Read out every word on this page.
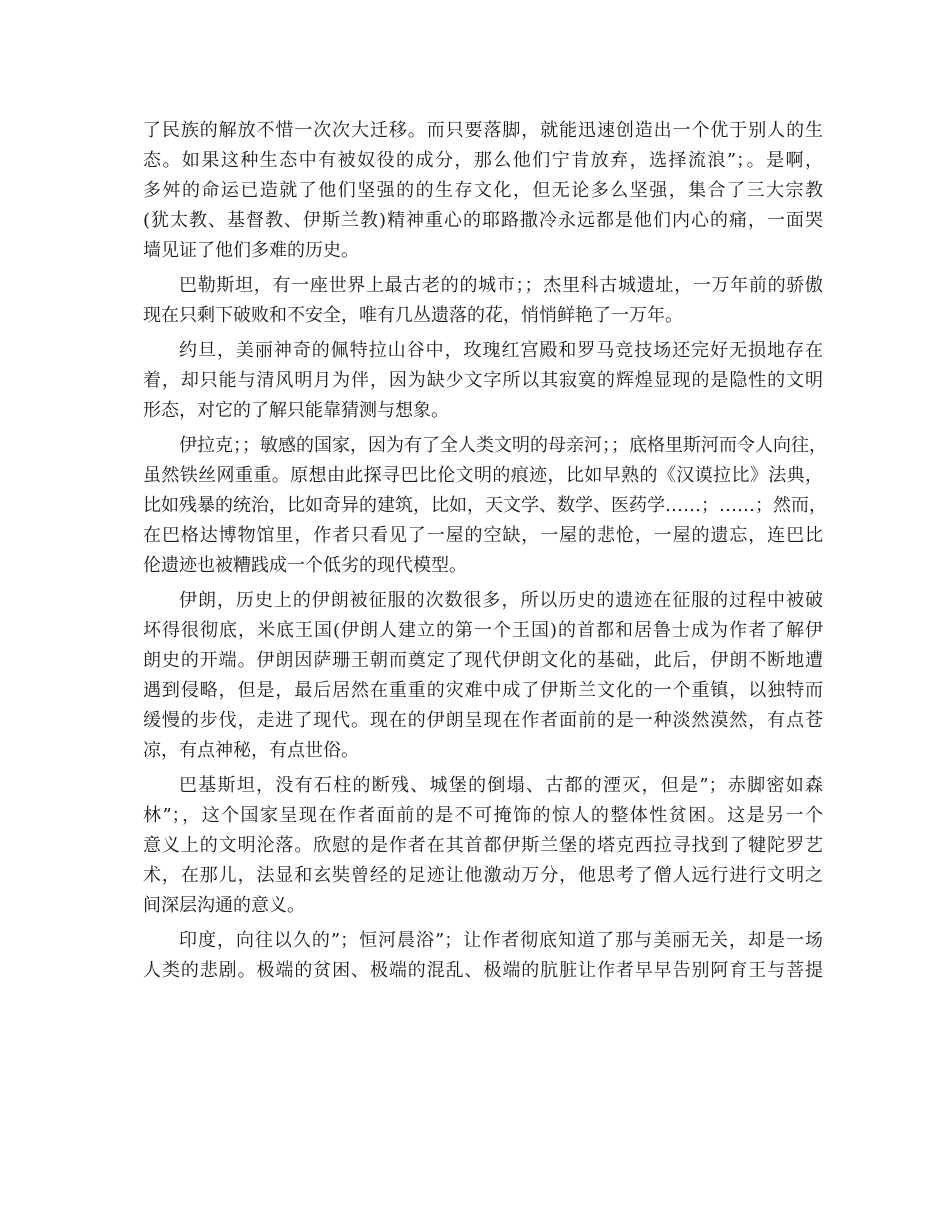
了民族的解放不惜一次次大迁移。而只要落脚，就能迅速创造出一个优于别人的生
态。如果这种生态中有被奴役的成分，那么他们宁肯放弃，选择流浪”；。是啊，
多舛的命运已造就了他们坚强的的生存文化，但无论多么坚强，集合了三大宗教
(犹太教、基督教、伊斯兰教)精神重心的耶路撒冷永远都是他们内心的痛，一面哭
墙见证了他们多难的历史。
巴勒斯坦，有一座世界上最古老的的城市；；杰里科古城遗址，一万年前的骄傲
现在只剩下破败和不安全，唯有几丛遗落的花，悄悄鲜艳了一万年。
约旦，美丽神奇的佩特拉山谷中，玫瑰红宫殿和罗马竞技场还完好无损地存在
着，却只能与清风明月为伴，因为缺少文字所以其寂寞的辉煌显现的是隐性的文明
形态，对它的了解只能靠猜测与想象。
伊拉克；；敏感的国家，因为有了全人类文明的母亲河；；底格里斯河而令人向往，
虽然铁丝网重重。原想由此探寻巴比伦文明的痕迹，比如早熟的《汉谟拉比》法典，
比如残暴的统治，比如奇异的建筑，比如，天文学、数学、医药学……；……；然而，
在巴格达博物馆里，作者只看见了一屋的空缺，一屋的悲怆，一屋的遗忘，连巴比
伦遗迹也被糟践成一个低劣的现代模型。
伊朗，历史上的伊朗被征服的次数很多，所以历史的遗迹在征服的过程中被破
坏得很彻底，米底王国(伊朗人建立的第一个王国)的首都和居鲁士成为作者了解伊
朗史的开端。伊朗因萨珊王朝而奠定了现代伊朗文化的基础，此后，伊朗不断地遭
遇到侵略，但是，最后居然在重重的灾难中成了伊斯兰文化的一个重镇，以独特而
缓慢的步伐，走进了现代。现在的伊朗呈现在作者面前的是一种淡然漠然，有点苍
凉，有点神秘，有点世俗。
巴基斯坦，没有石柱的断残、城堡的倒塌、古都的湮灭，但是”；赤脚密如森
林”；，这个国家呈现在作者面前的是不可掩饰的惊人的整体性贫困。这是另一个
意义上的文明沦落。欣慰的是作者在其首都伊斯兰堡的塔克西拉寻找到了犍陀罗艺
术，在那儿，法显和玄奘曾经的足迹让他激动万分，他思考了僧人远行进行文明之
间深层沟通的意义。
印度，向往以久的”；恒河晨浴”；让作者彻底知道了那与美丽无关，却是一场
人类的悲剧。极端的贫困、极端的混乱、极端的肮脏让作者早早告别阿育王与菩提
